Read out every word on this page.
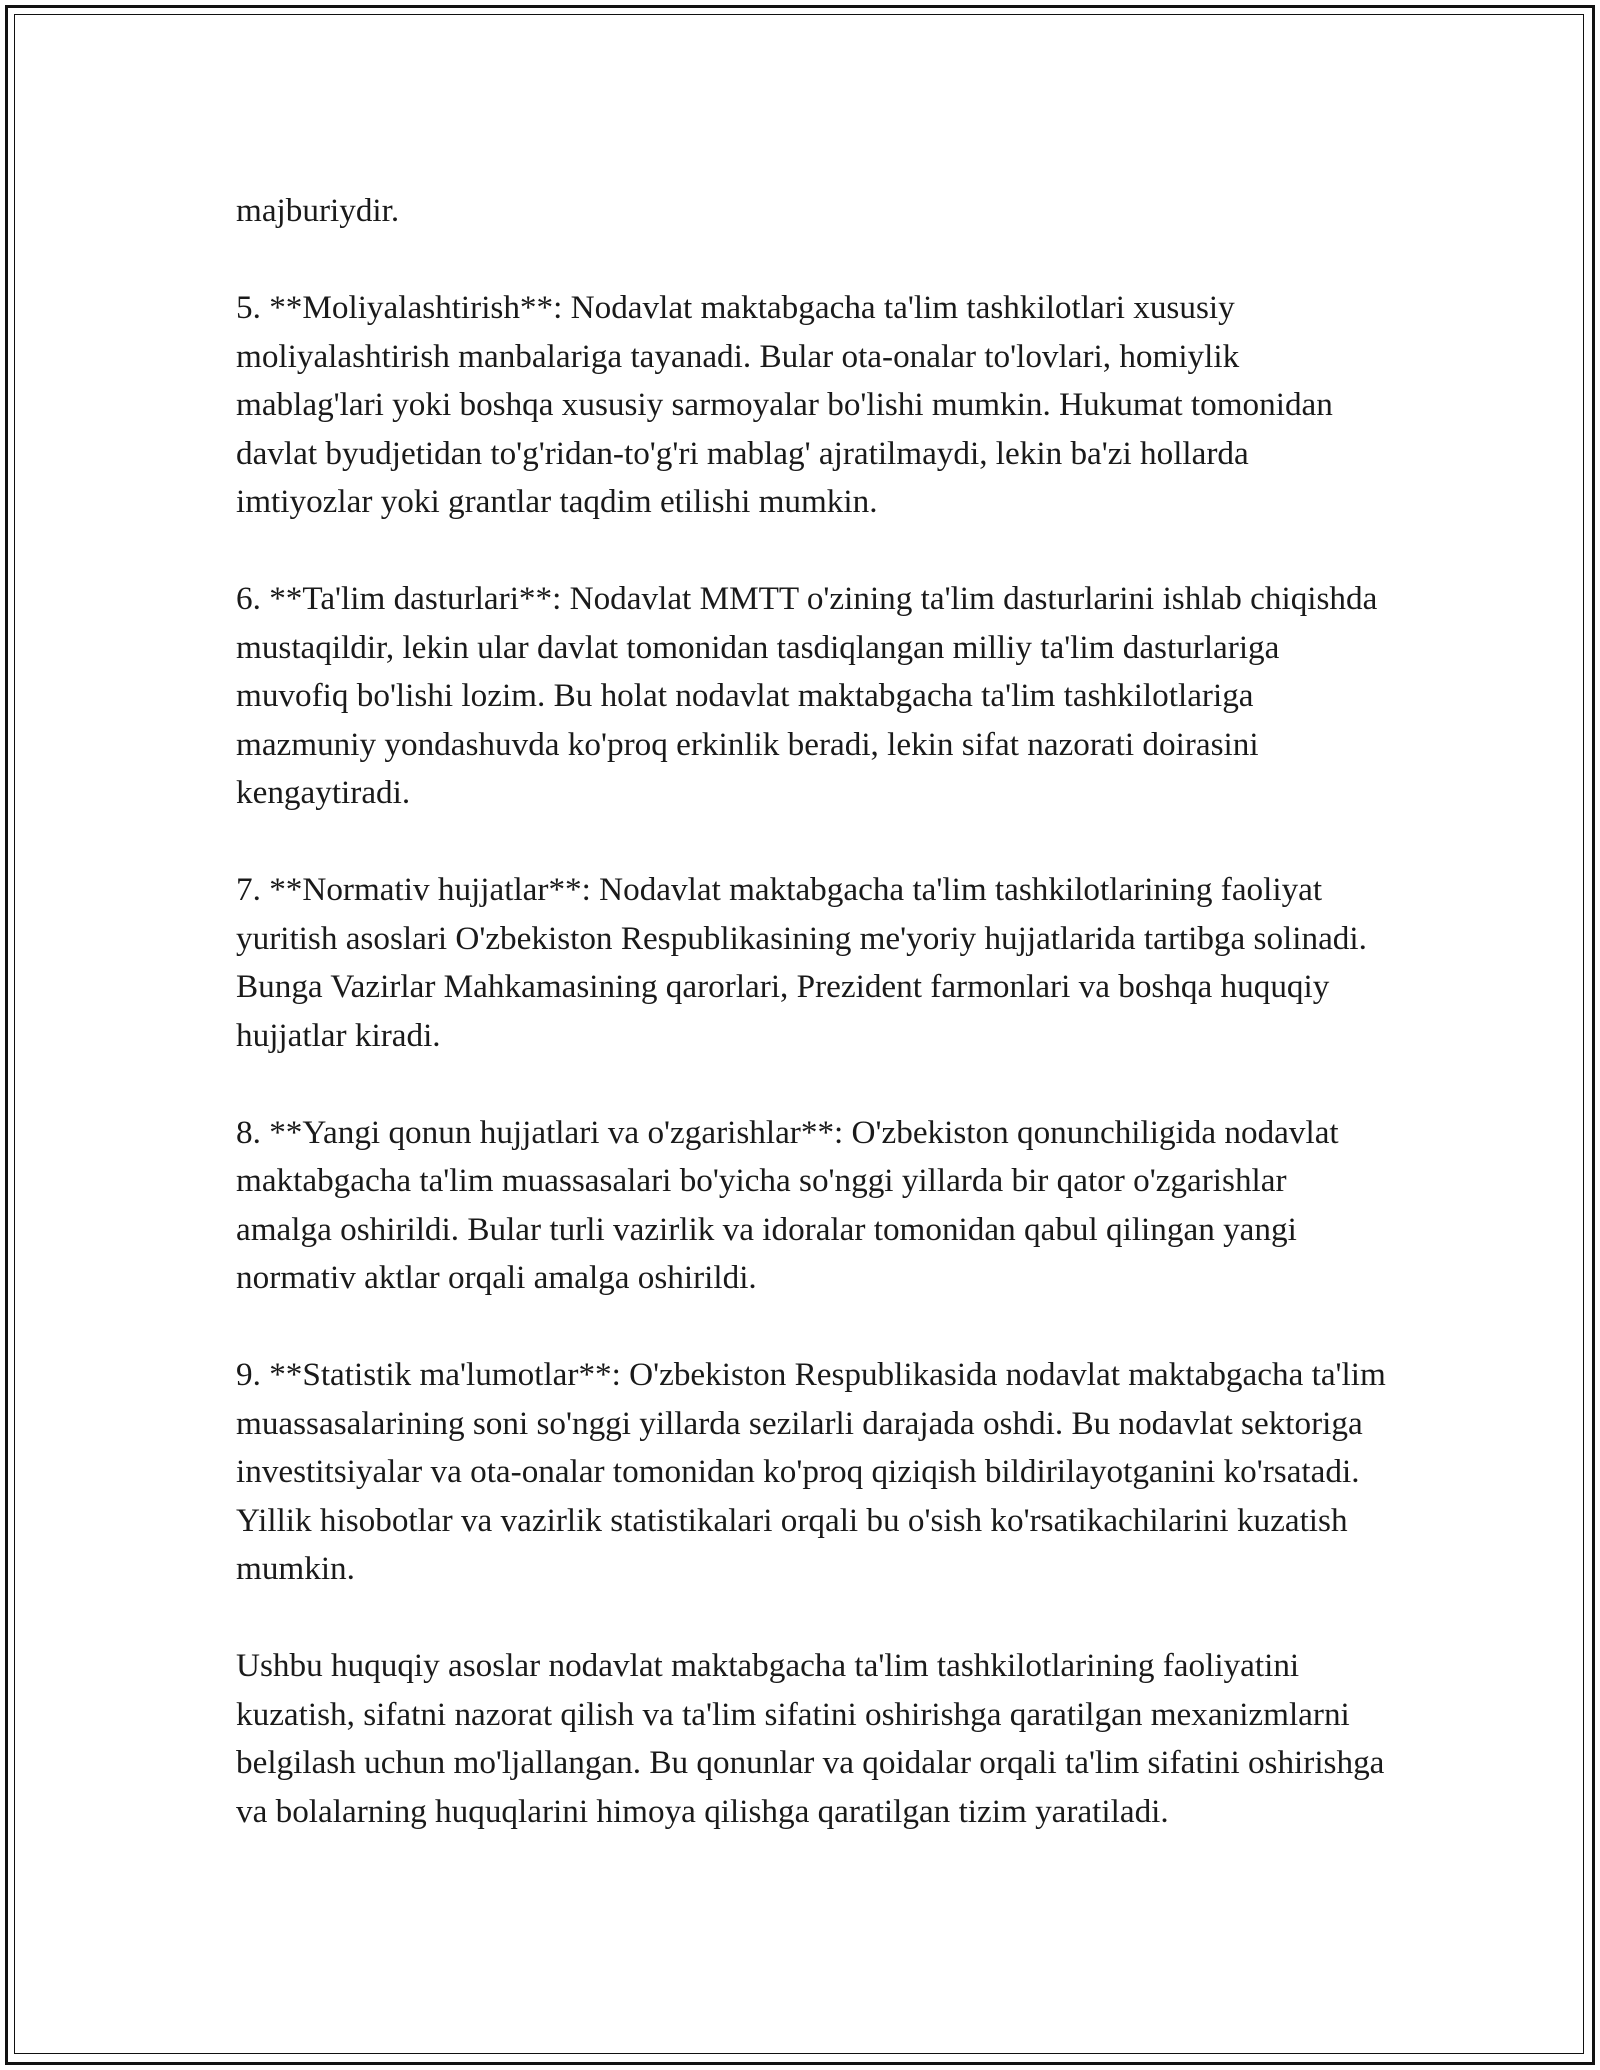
majburiydir.

5. **Moliyalashtirish**: Nodavlat maktabgacha ta'lim tashkilotlari xususiy moliyalashtirish manbalariga tayanadi. Bular ota-onalar to'lovlari, homiylik mablag'lari yoki boshqa xususiy sarmoyalar bo'lishi mumkin. Hukumat tomonidan davlat byudjetidan to'g'ridan-to'g'ri mablag' ajratilmaydi, lekin ba'zi hollarda imtiyozlar yoki grantlar taqdim etilishi mumkin.

6. **Ta'lim dasturlari**: Nodavlat MMTT o'zining ta'lim dasturlarini ishlab chiqishda mustaqildir, lekin ular davlat tomonidan tasdiqlangan milliy ta'lim dasturlariga muvofiq bo'lishi lozim. Bu holat nodavlat maktabgacha ta'lim tashkilotlariga mazmuniy yondashuvda ko'proq erkinlik beradi, lekin sifat nazorati doirasini kengaytiradi.

7. **Normativ hujjatlar**: Nodavlat maktabgacha ta'lim tashkilotlarining faoliyat yuritish asoslari O'zbekiston Respublikasining me'yoriy hujjatlarida tartibga solinadi. Bunga Vazirlar Mahkamasining qarorlari, Prezident farmonlari va boshqa huquqiy hujjatlar kiradi.

8. **Yangi qonun hujjatlari va o'zgarishlar**: O'zbekiston qonunchiligida nodavlat maktabgacha ta'lim muassasalari bo'yicha so'nggi yillarda bir qator o'zgarishlar amalga oshirildi. Bular turli vazirlik va idoralar tomonidan qabul qilingan yangi normativ aktlar orqali amalga oshirildi.

9. **Statistik ma'lumotlar**: O'zbekiston Respublikasida nodavlat maktabgacha ta'lim muassasalarining soni so'nggi yillarda sezilarli darajada oshdi. Bu nodavlat sektoriga investitsiyalar va ota-onalar tomonidan ko'proq qiziqish bildirilayotganini ko'rsatadi. Yillik hisobotlar va vazirlik statistikalari orqali bu o'sish ko'rsatikachilarini kuzatish mumkin.

Ushbu huquqiy asoslar nodavlat maktabgacha ta'lim tashkilotlarining faoliyatini kuzatish, sifatni nazorat qilish va ta'lim sifatini oshirishga qaratilgan mexanizmlarni belgilash uchun mo'ljallangan. Bu qonunlar va qoidalar orqali ta'lim sifatini oshirishga va bolalarning huquqlarini himoya qilishga qaratilgan tizim yaratiladi.
